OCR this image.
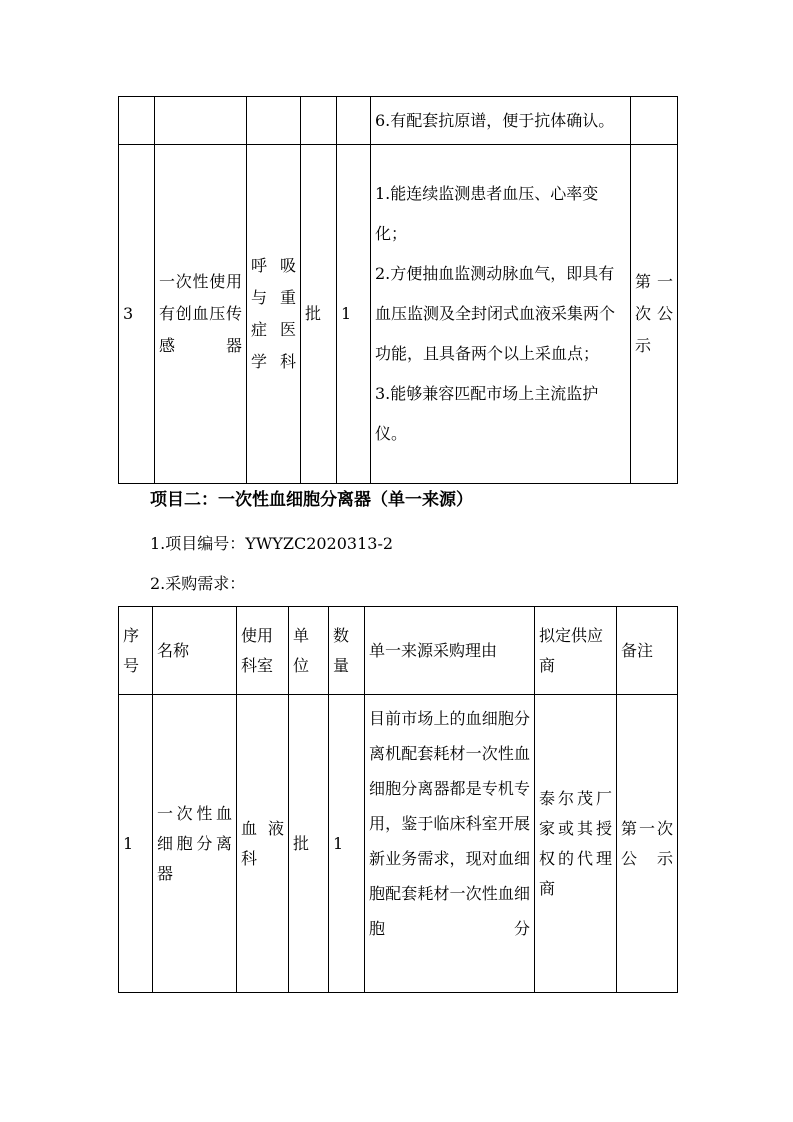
					6.有配套抗原谱，便于抗体确认。	
3	一次性使用有创血压传感器	呼吸与重症医学科	批	1	1.能连续监测患者血压、心率变化；
2.方便抽血监测动脉血气，即具有血压监测及全封闭式血液采集两个功能，且具备两个以上采血点；
3.能够兼容匹配市场上主流监护仪。	第一次公示
项目二：一次性血细胞分离器（单一来源）
1.项目编号：YWYZC2020313-2
2.采购需求：
序号	名称	使用科室	单位	数量	单一来源采购理由	拟定供应商	备注
1	一次性血细胞分离器	血液科	批	1	目前市场上的血细胞分离机配套耗材一次性血细胞分离器都是专机专用，鉴于临床科室开展新业务需求，现对血细胞配套耗材一次性血细胞分	泰尔茂厂家或其授权的代理商	第一次公示
